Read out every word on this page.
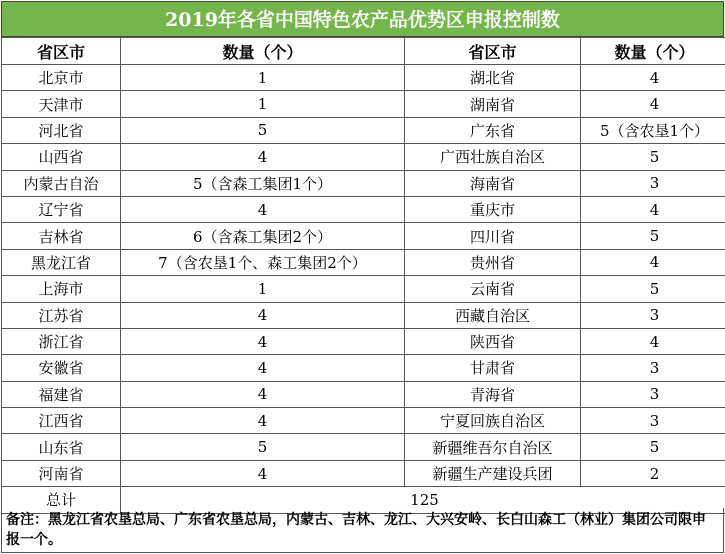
2019年各省中国特色农产品优势区申报控制数
省区市	数量（个）	省区市	数量（个）
北京市	1	湖北省	4
天津市	1	湖南省	4
河北省	5	广东省	5（含农垦1个）
山西省	4	广西壮族自治区	5
内蒙古自治	5（含森工集团1个）	海南省	3
辽宁省	4	重庆市	4
吉林省	6（含森工集团2个）	四川省	5
黑龙江省	7（含农垦1个、森工集团2个）	贵州省	4
上海市	1	云南省	5
江苏省	4	西藏自治区	3
浙江省	4	陕西省	4
安徽省	4	甘肃省	3
福建省	4	青海省	3
江西省	4	宁夏回族自治区	3
山东省	5	新疆维吾尔自治区	5
河南省	4	新疆生产建设兵团	2
总计	125		
备注：黑龙江省农垦总局、广东省农垦总局，内蒙古、吉林、龙江、大兴安岭、长白山森工（林业）集团公司限申报一个。
